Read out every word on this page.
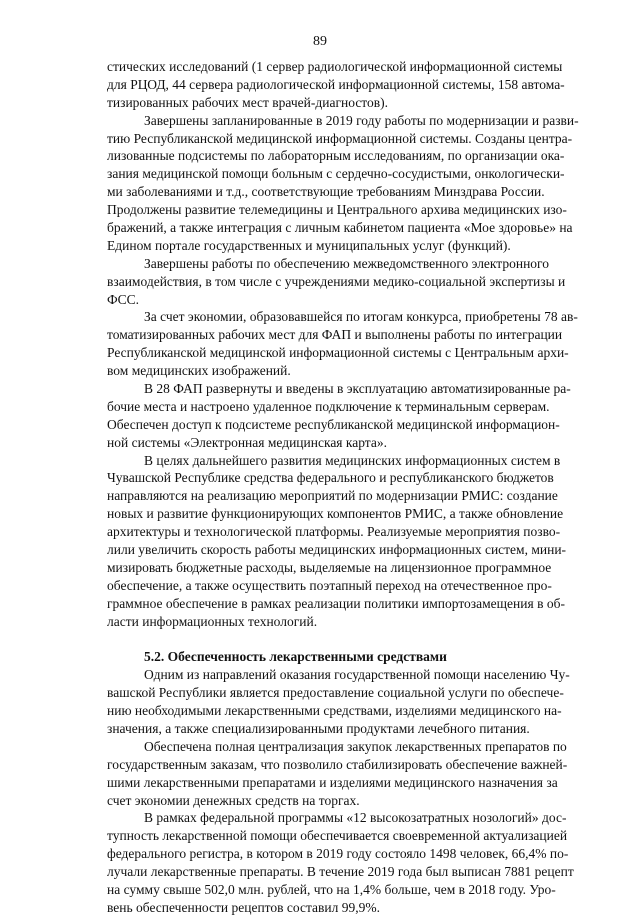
89
стических исследований (1 сервер радиологической информационной системы
для РЦОД, 44 сервера радиологической информационной системы, 158 автома-
тизированных рабочих мест врачей-диагностов).
Завершены запланированные в 2019 году работы по модернизации и разви-
тию Республиканской медицинской информационной системы. Созданы центра-
лизованные подсистемы по лабораторным исследованиям, по организации ока-
зания медицинской помощи больным с сердечно-сосудистыми, онкологически-
ми заболеваниями и т.д., соответствующие требованиям Минздрава России.
Продолжены развитие телемедицины и Центрального архива медицинских изо-
бражений, а также интеграция с личным кабинетом пациента «Мое здоровье» на
Едином портале государственных и муниципальных услуг (функций).
Завершены работы по обеспечению межведомственного электронного
взаимодействия, в том числе с учреждениями медико-социальной экспертизы и
ФСС.
За счет экономии, образовавшейся по итогам конкурса, приобретены 78 ав-
томатизированных рабочих мест для ФАП и выполнены работы по интеграции
Республиканской медицинской информационной системы с Центральным архи-
вом медицинских изображений.
В 28 ФАП развернуты и введены в эксплуатацию автоматизированные ра-
бочие места и настроено удаленное подключение к терминальным серверам.
Обеспечен доступ к подсистеме республиканской медицинской информацион-
ной системы «Электронная медицинская карта».
В целях дальнейшего развития медицинских информационных систем в
Чувашской Республике средства федерального и республиканского бюджетов
направляются на реализацию мероприятий по модернизации РМИС: создание
новых и развитие функционирующих компонентов РМИС, а также обновление
архитектуры и технологической платформы. Реализуемые мероприятия позво-
лили увеличить скорость работы медицинских информационных систем, мини-
мизировать бюджетные расходы, выделяемые на лицензионное программное
обеспечение, а также осуществить поэтапный переход на отечественное про-
граммное обеспечение в рамках реализации политики импортозамещения в об-
ласти информационных технологий.
5.2. Обеспеченность лекарственными средствами
Одним из направлений оказания государственной помощи населению Чу-
вашской Республики является предоставление социальной услуги по обеспече-
нию необходимыми лекарственными средствами, изделиями медицинского на-
значения, а также специализированными продуктами лечебного питания.
Обеспечена полная централизация закупок лекарственных препаратов по
государственным заказам, что позволило стабилизировать обеспечение важней-
шими лекарственными препаратами и изделиями медицинского назначения за
счет экономии денежных средств на торгах.
В рамках федеральной программы «12 высокозатратных нозологий» дос-
тупность лекарственной помощи обеспечивается своевременной актуализацией
федерального регистра, в котором в 2019 году состояло 1498 человек, 66,4% по-
лучали лекарственные препараты. В течение 2019 года был выписан 7881 рецепт
на сумму свыше 502,0 млн. рублей, что на 1,4% больше, чем в 2018 году. Уро-
вень обеспеченности рецептов составил 99,9%.
